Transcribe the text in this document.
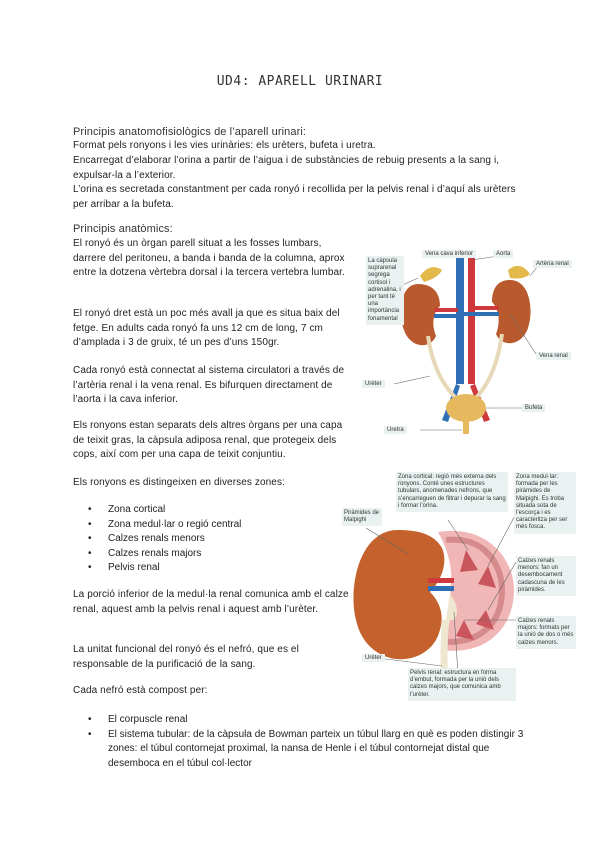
UD4: APARELL URINARI
Principis anatomofisiològics de l’aparell urinari:
Format pels ronyons i les vies urinàries: els urèters, bufeta i uretra.
Encarregat d’elaborar l’orina a partir de l’aigua i de substàncies de rebuig presents a la sang i, expulsar-la a l’exterior.
L’orina es secretada constantment per cada ronyó i recollida per la pelvis renal i d’aquí als urèters per arribar a la bufeta.
Principis anatòmics:
El ronyó és un òrgan parell situat a les fosses lumbars, darrere del peritoneu, a banda i banda de la columna, aprox entre la dotzena vèrtebra dorsal i la tercera vertebra lumbar.
El ronyó dret està un poc més avall ja que es situa baix del fetge. En adults cada ronyó fa uns 12 cm de long, 7 cm d’amplada i 3 de gruix, té un pes d’uns 150gr.
Cada ronyó està connectat al sistema circulatori a través de l’artèria renal i la vena renal. Es bifurquen directament de l’aorta i la cava inferior.
Els ronyons estan separats dels altres òrgans per una capa de teixit gras, la càpsula adiposa renal, que protegeix dels cops, així com per una capa de teixit conjuntiu.
Els ronyons es distingeixen en diverses zones:
• Zona cortical
• Zona medul·lar o regió central
• Calzes renals menors
• Calzes renals majors
• Pelvis renal
La porció inferior de la medul·la renal comunica amb el calze renal, aquest amb la pelvis renal i aquest amb l’urèter.
La unitat funcional del ronyó és el nefró, que es el responsable de la purificació de la sang.
Cada nefró està compost per:
• El corpuscle renal
• El sistema tubular: de la càpsula de Bowman parteix un túbul llarg en què es poden distingir 3 zones: el túbul contornejat proximal, la nansa de Henle i el túbul contornejat distal que desemboca en el túbul col·lector
La càpsula suprarenal segrega cortisol i adrenalina, i per tant té una importància fonamental
Vena cava inferior	Aorta
Artèria renal
Vena renal
Urèter
Bufeta
Uretra
Zona cortical: regió més externa dels ronyons. Conté unes estructures tubulars, anomenades nefrons, que s’encarreguen de filtrar i depurar la sang i formar l’orina.
Zona medul·lar: formada per les piràmides de Malpighi. Es troba situada sota de l’escorça i es caracteritza per ser més fosca.
Piràmides de Malpighi
Calzes renals menors: fan un desembocament cadascuna de les piràmides.
Calzes renals majors: formats per la unió de dos o més calzes menors.
Urèter
Pelvis renal: estructura en forma d’embut, formada per la unió dels calzes majors, que comunica amb l’urèter.
